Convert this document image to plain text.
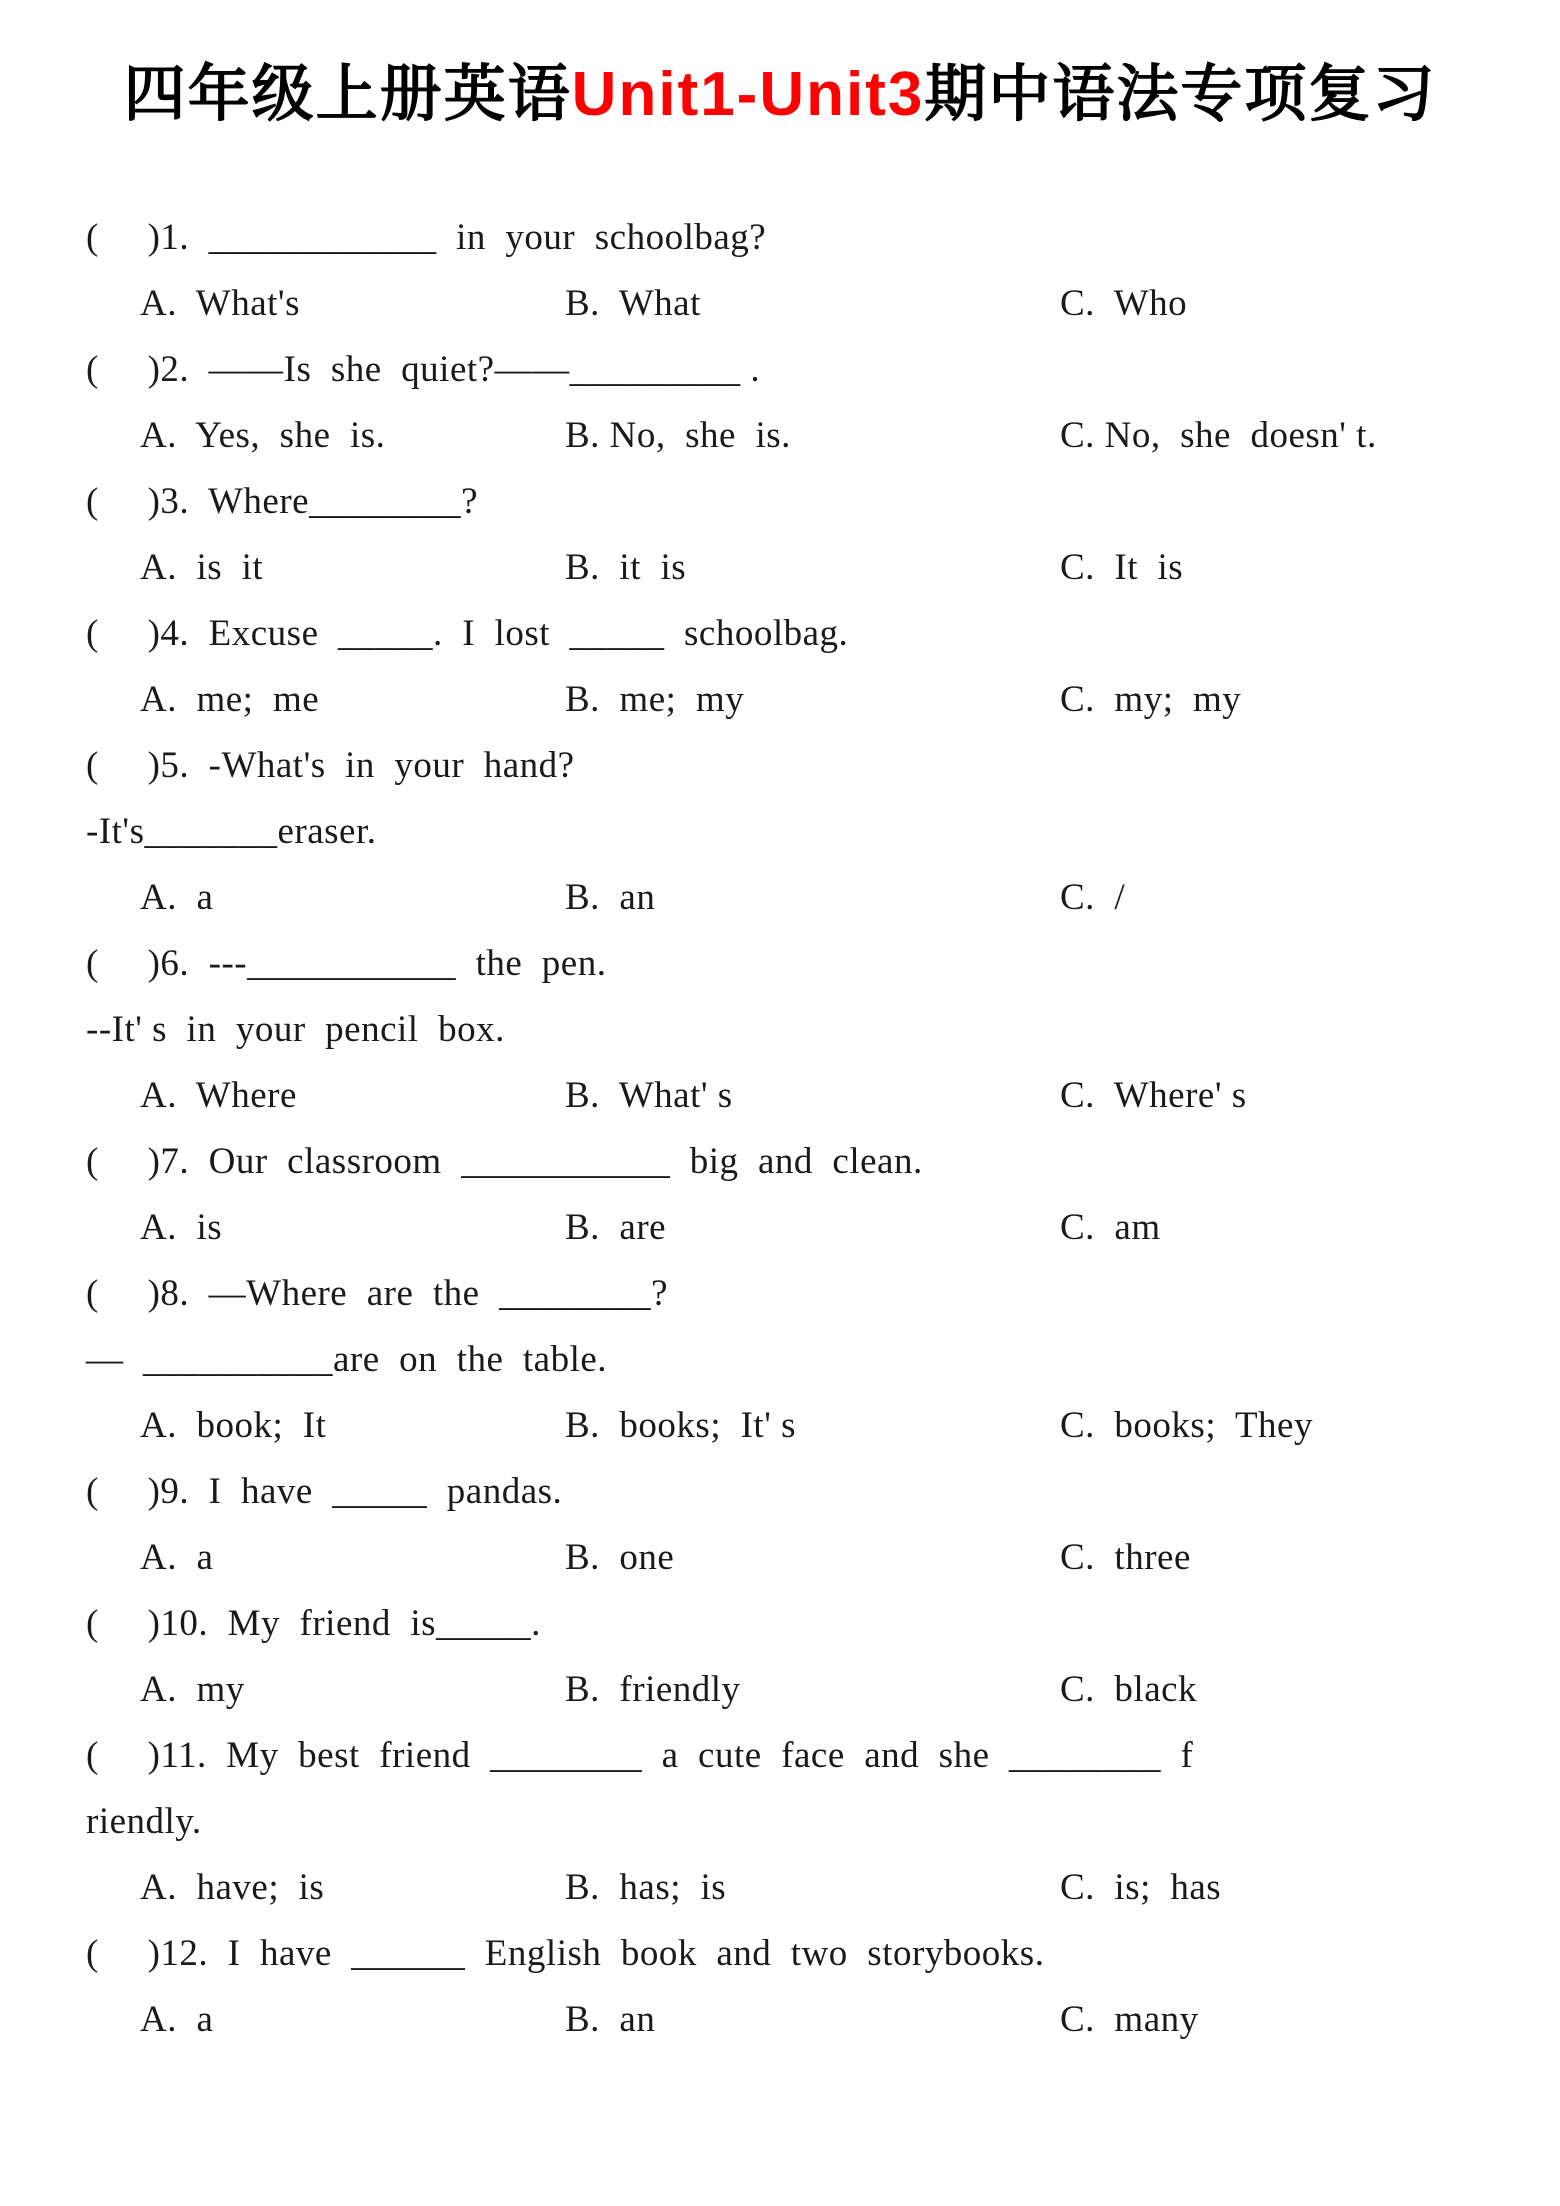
四年级上册英语Unit1-Unit3期中语法专项复习
(     )1.  ____________  in  your  schoolbag?
A.  What's	B.  What	C.  Who
(     )2.  ——Is  she  quiet?——_________ .
A.  Yes,  she  is.	B. No,  she  is.	C. No,  she  doesn' t.
(     )3.  Where________?
A.  is  it	B.  it  is	C.  It  is
(     )4.  Excuse  _____.  I  lost  _____  schoolbag.
A.  me;  me	B.  me;  my	C.  my;  my
(     )5.  -What's  in  your  hand?
-It's_______eraser.
A.  a	B.  an	C.  /
(     )6.  ---___________  the  pen.
--It' s  in  your  pencil  box.
A.  Where	B.  What' s	C.  Where' s
(     )7.  Our  classroom  ___________  big  and  clean.
A.  is	B.  are	C.  am
(     )8.  —Where  are  the  ________?
—  __________are  on  the  table.
A.  book;  It	B.  books;  It' s	C.  books;  They
(     )9.  I  have  _____  pandas.
A.  a	B.  one	C.  three
(     )10.  My  friend  is_____.
A.  my	B.  friendly	C.  black
(     )11.  My  best  friend  ________  a  cute  face  and  she  ________  f
riendly.
A.  have;  is	B.  has;  is	C.  is;  has
(     )12.  I  have  ______  English  book  and  two  storybooks.
A.  a	B.  an	C.  many
